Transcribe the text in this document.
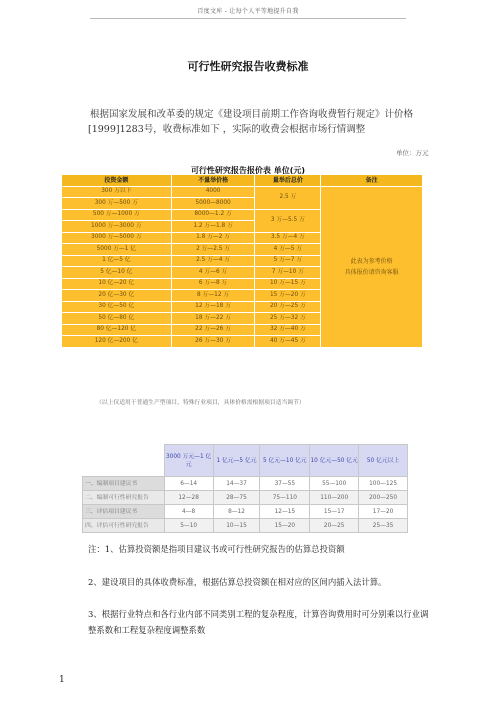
百度文库 - 让每个人平等地提升自我
可行性研究报告收费标准
根据国家发展和改革委的规定《建设项目前期工作咨询收费暂行规定》计价格[1999]1283号，收费标准如下 ，实际的收费会根据市场行情调整
单位：万元
可行性研究报告报价表 单位(元)
投资金额	不量举价格	量举后总价	备注
300 万以下	4000	2.5 万	此表为参考价格
具体报价请咨询客服

300 万—500 万	5000—8000		
500 万—1000 万	8000—1.2 万	3 万—5.5 万	
1000 万—3000 万	1.2 万—1.8 万		
3000 万—5000 万	1.8 万—2 万	3.5 万—4 万	
5000 万—1 亿	2 万—2.5 万	4 万—5 万	
1 亿—5 亿	2.5 万—4 万	5 万—7 万	
5 亿—10 亿	4 万—6 万	7 万—10 万	
10 亿—20 亿	6 万—8 万	10 万—15 万	
20 亿—30 亿	8 万—12 万	15 万—20 万	
30 亿—50 亿	12 万—18 万	20 万—25 万	
50 亿—80 亿	18 万—22 万	25 万—32 万	
80 亿—120 亿	22 万—26 万	32 万—40 万	
120 亿—200 亿	26 万—30 万	40 万—45 万	
（以上仅适用于普通生产型项目，特殊行业项目，具体价格需根据项目适当调节）
	3000 万元—1 亿元	1 亿元—5 亿元	5 亿元—10 亿元	10 亿元—50 亿元	50 亿元以上
一、编制项目建议书	6—14	14—37	37—55	55—100	100—125
二、编制可行性研究报告	12—28	28—75	75—110	110—200	200—250
三、评估项目建议书	4—8	8—12	12—15	15—17	17—20
四、评估可行性研究报告	5—10	10—15	15—20	20—25	25—35
注：1、估算投资额是指项目建议书或可行性研究报告的估算总投资额
2、建设项目的具体收费标准，根据估算总投资额在相对应的区间内插入法计算。
3、根据行业特点和各行业内部不同类别工程的复杂程度，计算咨询费用时可分别乘以行业调整系数和工程复杂程度调整系数
1
